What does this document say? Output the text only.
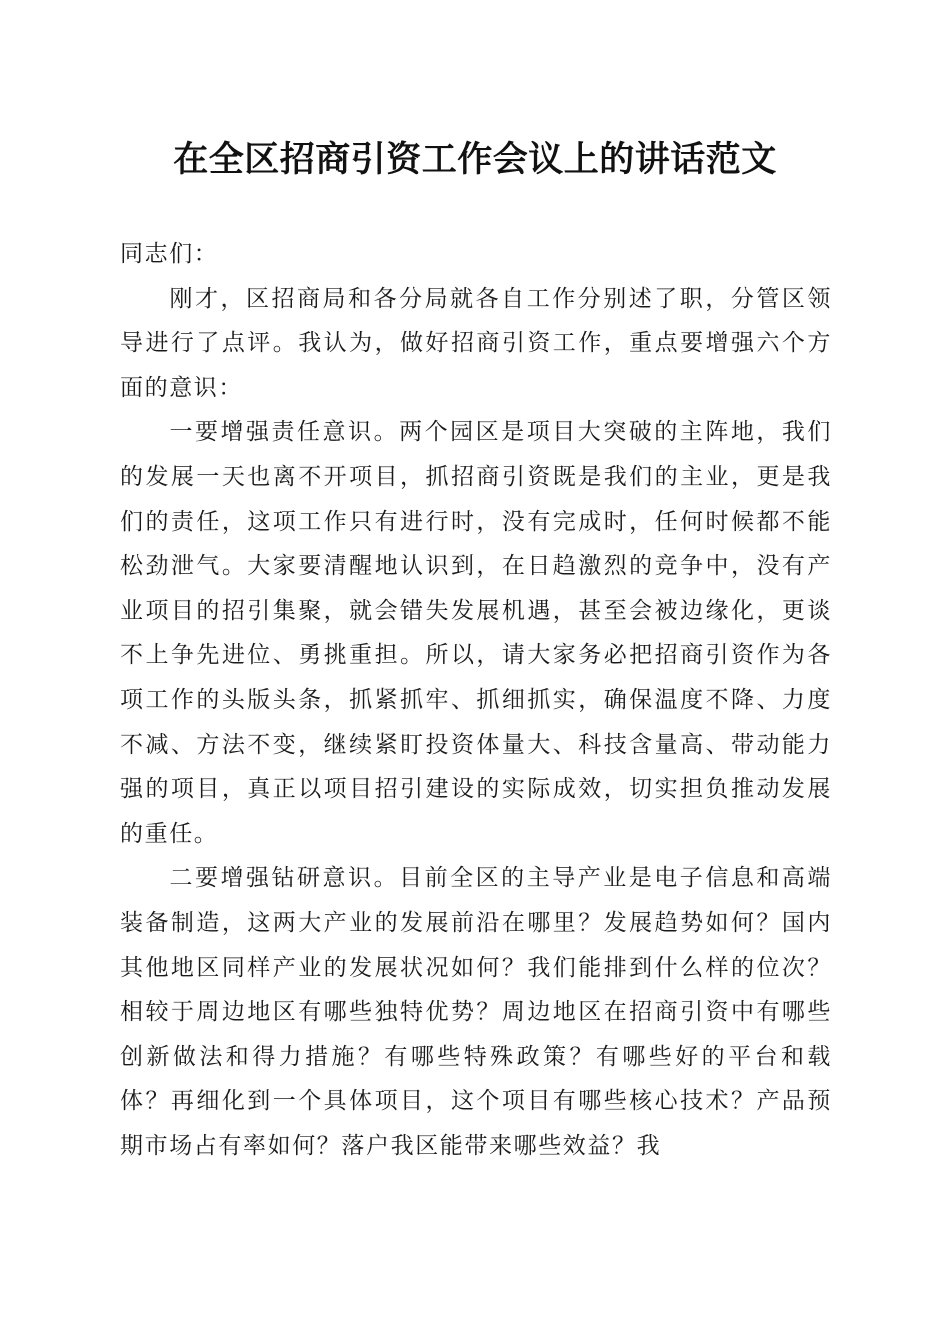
在全区招商引资工作会议上的讲话范文

同志们：

刚才，区招商局和各分局就各自工作分别述了职，分管区领导进行了点评。我认为，做好招商引资工作，重点要增强六个方面的意识：

一要增强责任意识。两个园区是项目大突破的主阵地，我们的发展一天也离不开项目，抓招商引资既是我们的主业，更是我们的责任，这项工作只有进行时，没有完成时，任何时候都不能松劲泄气。大家要清醒地认识到，在日趋激烈的竞争中，没有产业项目的招引集聚，就会错失发展机遇，甚至会被边缘化，更谈不上争先进位、勇挑重担。所以，请大家务必把招商引资作为各项工作的头版头条，抓紧抓牢、抓细抓实，确保温度不降、力度不减、方法不变，继续紧盯投资体量大、科技含量高、带动能力强的项目，真正以项目招引建设的实际成效，切实担负推动发展的重任。

二要增强钻研意识。目前全区的主导产业是电子信息和高端装备制造，这两大产业的发展前沿在哪里？发展趋势如何？国内其他地区同样产业的发展状况如何？我们能排到什么样的位次？相较于周边地区有哪些独特优势？周边地区在招商引资中有哪些创新做法和得力措施？有哪些特殊政策？有哪些好的平台和载体？再细化到一个具体项目，这个项目有哪些核心技术？产品预期市场占有率如何？落户我区能带来哪些效益？我
